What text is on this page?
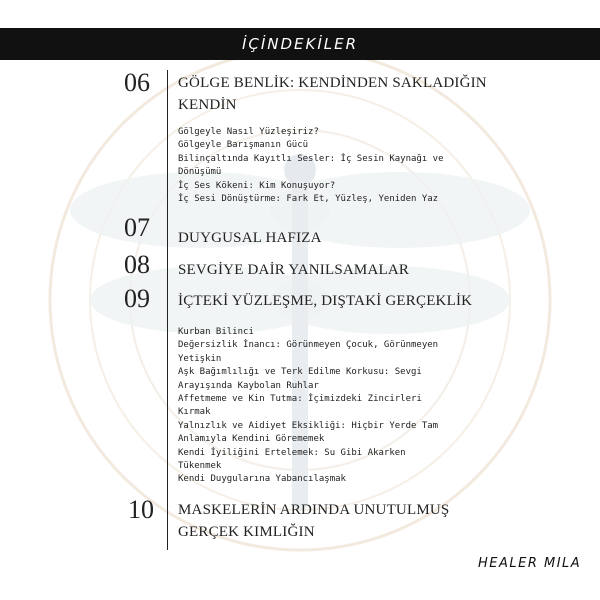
İÇİNDEKİLER
06 GÖLGE BENLİK: KENDİNDEN SAKLADIĞIN
KENDİN
Gölgeyle Nasıl Yüzleşiriz?
Gölgeyle Barışmanın Gücü
Bilinçaltında Kayıtlı Sesler: İç Sesin Kaynağı ve
Dönüşümü
İç Ses Kökeni: Kim Konuşuyor?
İç Sesi Dönüştürme: Fark Et, Yüzleş, Yeniden Yaz
07 DUYGUSAL HAFIZA
08 SEVGİYE DAİR YANILSAMALAR
09 İÇTEKİ YÜZLEŞME, DIŞTAKİ GERÇEKLİK
Kurban Bilinci
Değersizlik İnancı: Görünmeyen Çocuk, Görünmeyen
Yetişkin
Aşk Bağımlılığı ve Terk Edilme Korkusu: Sevgi
Arayışında Kaybolan Ruhlar
Affetmeme ve Kin Tutma: İçimizdeki Zincirleri
Kırmak
Yalnızlık ve Aidiyet Eksikliği: Hiçbir Yerde Tam
Anlamıyla Kendini Görememek
Kendi İyiliğini Ertelemek: Su Gibi Akarken
Tükenmek
Kendi Duygularına Yabancılaşmak
10 MASKELERİN ARDINDA UNUTULMUŞ
GERÇEK KIMLIĞIN
HEALER MILA
